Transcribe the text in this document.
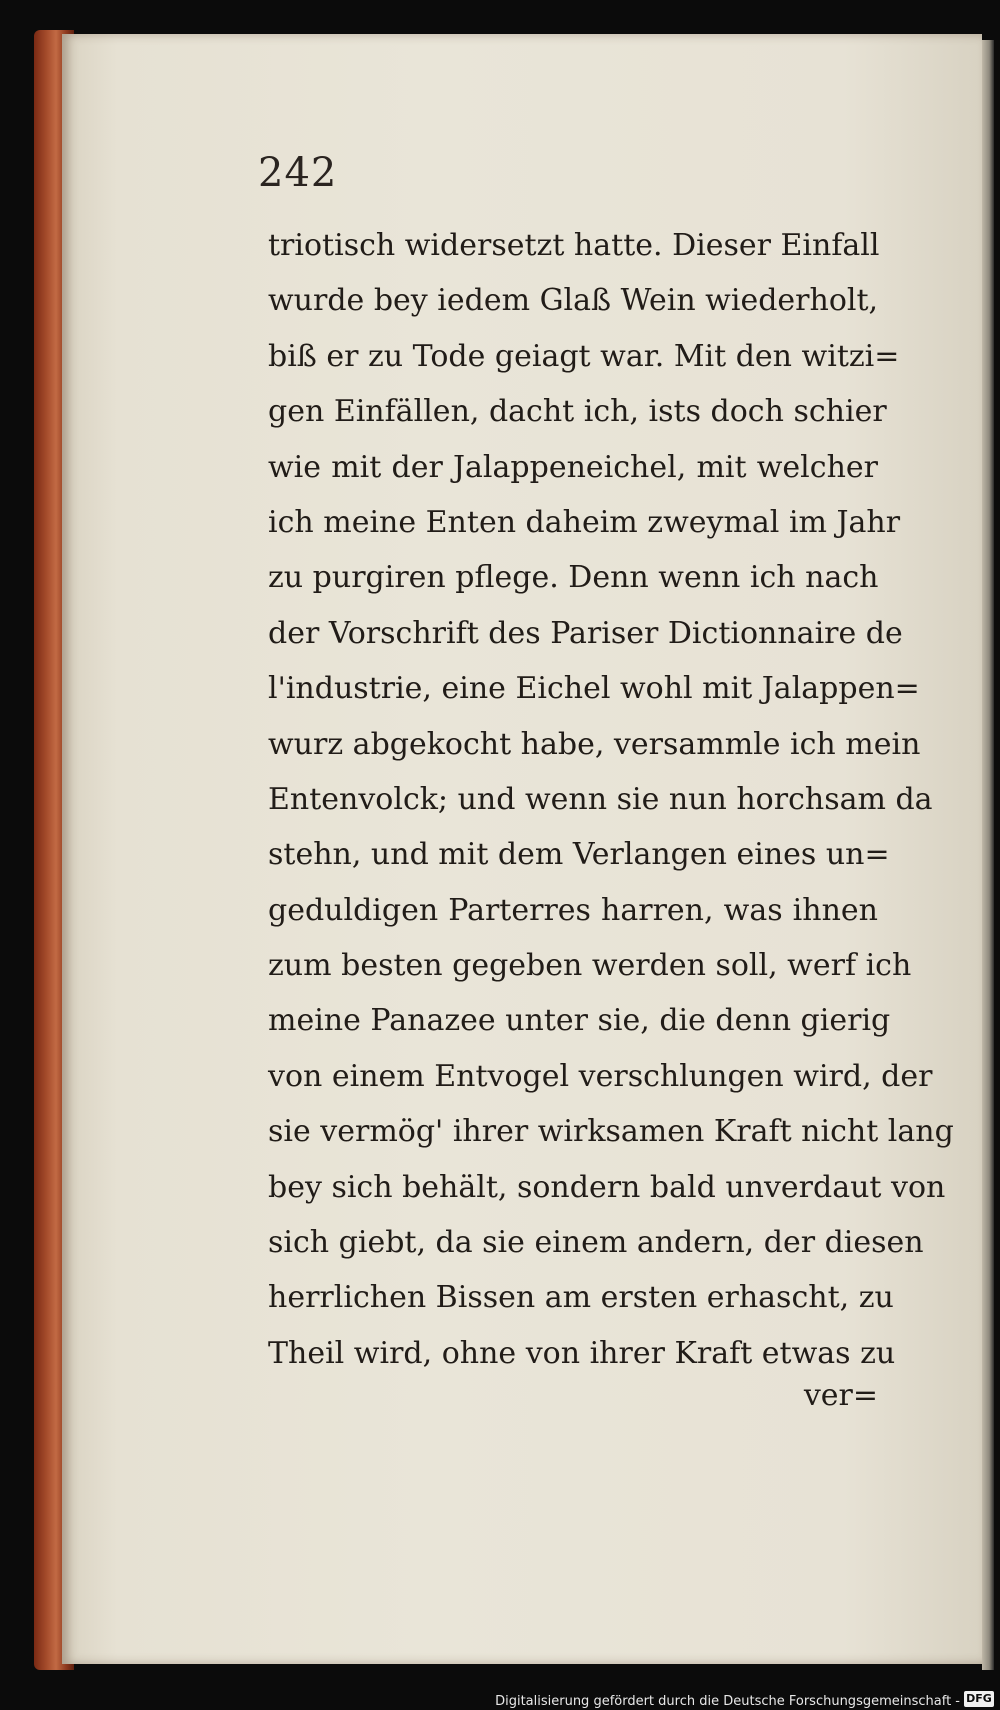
242
triotisch widersetzt hatte. Dieser Einfall
wurde bey iedem Glaß Wein wiederholt,
biß er zu Tode geiagt war. Mit den witzi=
gen Einfällen, dacht ich, ists doch schier
wie mit der Jalappeneichel, mit welcher
ich meine Enten daheim zweymal im Jahr
zu purgiren pflege. Denn wenn ich nach
der Vorschrift des Pariser Dictionnaire de
l'industrie, eine Eichel wohl mit Jalappen=
wurz abgekocht habe, versammle ich mein
Entenvolck; und wenn sie nun horchsam da
stehn, und mit dem Verlangen eines un=
geduldigen Parterres harren, was ihnen
zum besten gegeben werden soll, werf ich
meine Panazee unter sie, die denn gierig
von einem Entvogel verschlungen wird, der
sie vermög' ihrer wirksamen Kraft nicht lang
bey sich behält, sondern bald unverdaut von
sich giebt, da sie einem andern, der diesen
herrlichen Bissen am ersten erhascht, zu
Theil wird, ohne von ihrer Kraft etwas zu
ver=
Digitalisierung gefördert durch die Deutsche Forschungsgemeinschaft - DFG
